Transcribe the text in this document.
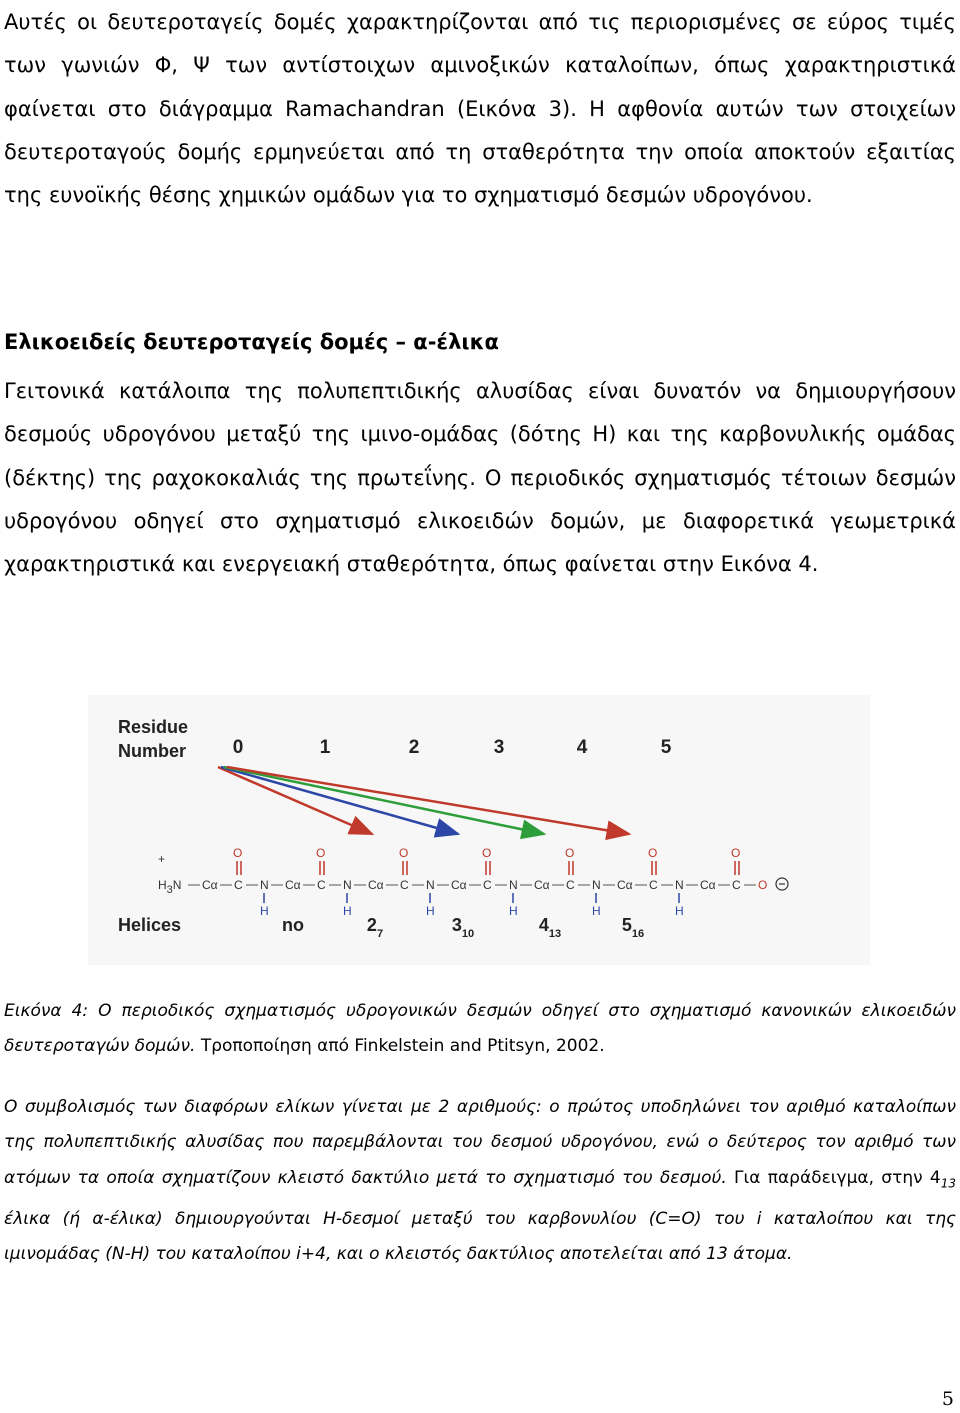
Αυτές οι δευτεροταγείς δομές χαρακτηρίζονται από τις περιορισμένες σε εύρος τιμές των γωνιών Φ, Ψ των αντίστοιχων αμινοξικών καταλοίπων, όπως χαρακτηριστικά φαίνεται στο διάγραμμα Ramachandran (Εικόνα 3). Η αφθονία αυτών των στοιχείων δευτεροταγούς δομής ερμηνεύεται από τη σταθερότητα την οποία αποκτούν εξαιτίας της ευνοϊκής θέσης χημικών ομάδων για το σχηματισμό δεσμών υδρογόνου.

Ελικοειδείς δευτεροταγείς δομές – α-έλικα

Γειτονικά κατάλοιπα της πολυπεπτιδικής αλυσίδας είναι δυνατόν να δημιουργήσουν δεσμούς υδρογόνου μεταξύ της ιμινο-ομάδας (δότης Η) και της καρβονυλικής ομάδας (δέκτης) της ραχοκοκαλιάς της πρωτεΐνης. Ο περιοδικός σχηματισμός τέτοιων δεσμών υδρογόνου οδηγεί στο σχηματισμό ελικοειδών δομών, με διαφορετικά γεωμετρικά χαρακτηριστικά και ενεργειακή σταθερότητα, όπως φαίνεται στην Εικόνα 4.

Residue
Number 0	1	2	3	4	5
H3N
+
Cα C
O
N
H
Cα C
O
N
H
Cα C
O
N
H
Cα C
O
N
H
Cα C
O
N
H
Cα C
O
N
H
Cα C
O
O
Helices	no	$2_7$	$3_{10}$	$4_{13}$	$5_{16}$

Εικόνα 4: Ο περιοδικός σχηματισμός υδρογονικών δεσμών οδηγεί στο σχηματισμό κανονικών ελικοειδών δευτεροταγών δομών. Τροποποίηση από Finkelstein and Ptitsyn, 2002.

Ο συμβολισμός των διαφόρων ελίκων γίνεται με 2 αριθμούς: ο πρώτος υποδηλώνει τον αριθμό καταλοίπων της πολυπεπτιδικής αλυσίδας που παρεμβάλονται του δεσμού υδρογόνου, ενώ ο δεύτερος τον αριθμό των ατόμων τα οποία σχηματίζουν κλειστό δακτύλιο μετά το σχηματισμό του δεσμού. Για παράδειγμα, στην $4_{13}$ έλικα (ή α-έλικα) δημιουργούνται Η-δεσμοί μεταξύ του καρβονυλίου (C=O) του i καταλοίπου και της ιμινομάδας (N-H) του καταλοίπου i+4, και ο κλειστός δακτύλιος αποτελείται από 13 άτομα.

5
